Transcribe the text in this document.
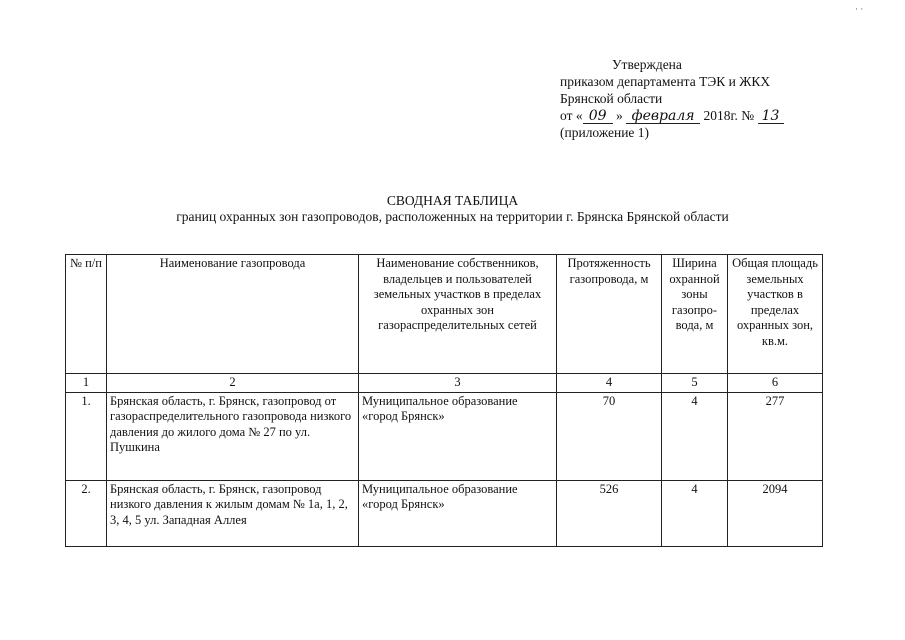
Утверждена
приказом департамента ТЭК и ЖКХ
Брянской области
от « 09 » февраля 2018г. № 13
(приложение 1)
СВОДНАЯ ТАБЛИЦА
границ охранных зон газопроводов, расположенных на территории г. Брянска Брянской области
№ п/п	Наименование газопровода	Наименование собственников, владельцев и пользователей земельных участков в пределах охранных зон газораспределительных сетей	Протяженность газопровода, м	Ширина охранной зоны газопро-вода, м	Общая площадь земельных участков в пределах охранных зон, кв.м.
1	2	3	4	5	6
1.	Брянская область, г. Брянск, газопровод от газораспределительного газопровода низкого давления до жилого дома № 27 по ул. Пушкина	Муниципальное образование «город Брянск»	70	4	277
2.	Брянская область, г. Брянск, газопровод низкого давления к жилым домам № 1а, 1, 2, 3, 4, 5 ул. Западная Аллея	Муниципальное образование «город Брянск»	526	4	2094
· ·
